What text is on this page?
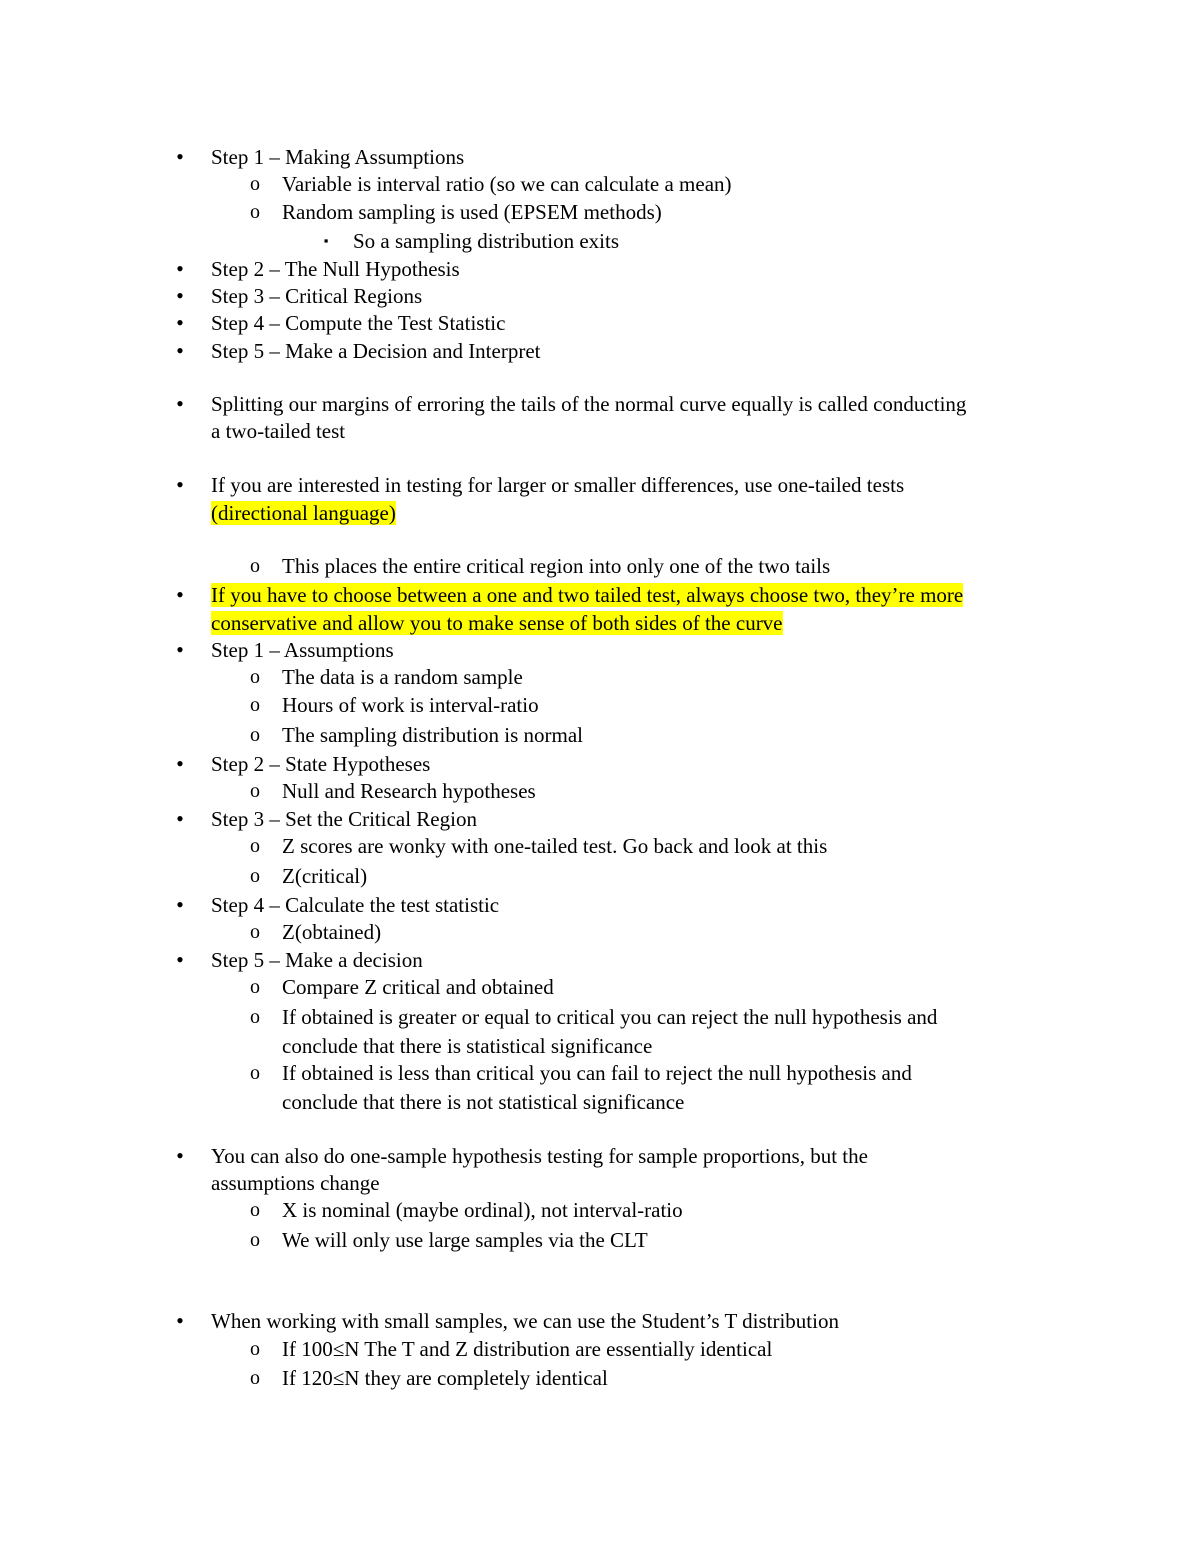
• Step 1 – Making Assumptions
o Variable is interval ratio (so we can calculate a mean)
o Random sampling is used (EPSEM methods)
▪	So a sampling distribution exits
• Step 2 – The Null Hypothesis
• Step 3 – Critical Regions
• Step 4 – Compute the Test Statistic
• Step 5 – Make a Decision and Interpret
• Splitting our margins of erroring the tails of the normal curve equally is called conducting
a two-tailed test
• If you are interested in testing for larger or smaller differences, use one-tailed tests
(directional language)
o This places the entire critical region into only one of the two tails
• If you have to choose between a one and two tailed test, always choose two, they’re more
conservative and allow you to make sense of both sides of the curve
• Step 1 – Assumptions
o The data is a random sample
o Hours of work is interval-ratio
o The sampling distribution is normal
• Step 2 – State Hypotheses
o Null and Research hypotheses
• Step 3 – Set the Critical Region
o Z scores are wonky with one-tailed test. Go back and look at this
o Z(critical)
• Step 4 – Calculate the test statistic
o Z(obtained)
• Step 5 – Make a decision
o Compare Z critical and obtained
o If obtained is greater or equal to critical you can reject the null hypothesis and
conclude that there is statistical significance
o If obtained is less than critical you can fail to reject the null hypothesis and
conclude that there is not statistical significance
• You can also do one-sample hypothesis testing for sample proportions, but the
assumptions change
o X is nominal (maybe ordinal), not interval-ratio
o We will only use large samples via the CLT
• When working with small samples, we can use the Student’s T distribution
o If 100≤N The T and Z distribution are essentially identical
o If 120≤N they are completely identical
